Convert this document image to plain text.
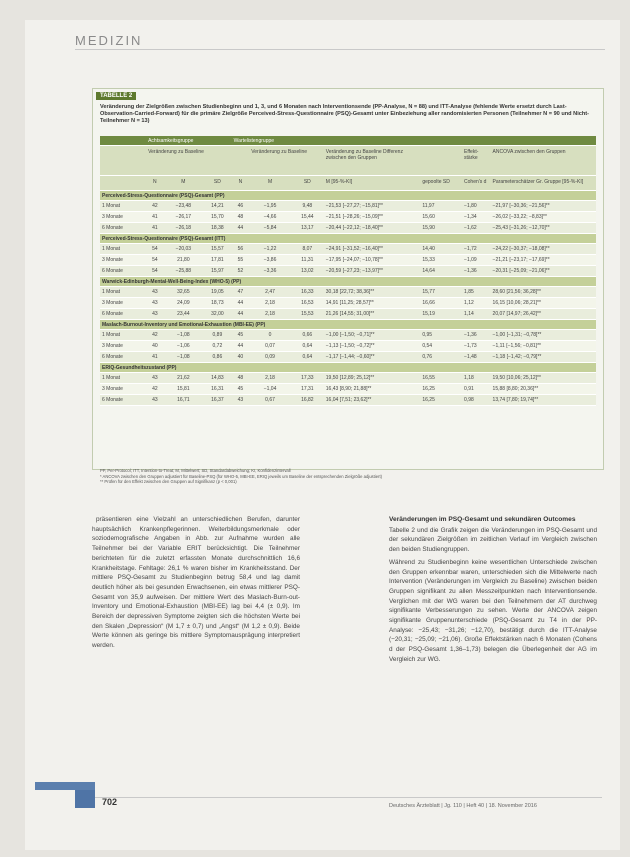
MEDIZIN
TABELLE 2
Veränderung der Zielgrößen zwischen Studienbeginn und 1, 3, und 6 Monaten nach Interventionsende (PP-Analyse, N = 88) und ITT-Analyse (fehlende Werte ersetzt durch Last-Observation-Carried-Forward) für die primäre Zielgröße Perceived-Stress-Questionnaire (PSQ)-Gesamt unter Einbeziehung aller randomisierten Personen (Teilnehmer N = 90 und Nicht-Teilnehmer N = 13)
	Achtsamkeitsgruppe			Wartelistengruppe						
	Veränderung zu Baseline				Veränderung zu Baseline		Veränderung zu Baseline Differenz zwischen den Gruppen		Effekt-stärke	ANCOVA zwischen den Gruppen
	N	M	SD	N	M	SD	M [95-%-KI]	gepoolte SD	Cohen's d	Parameterschätzer Gr. Gruppe [95-%-KI]
Perceived-Stress-Questionnaire (PSQ)-Gesamt (PP)										
1 Monat	42	−23,48	14,21	46	−1,95	9,48	−21,53 [−27,27; −15,81]**	11,97	−1,80	−21,97 [−30,36; −21,56]**
3 Monate	41	−26,17	15,70	48	−4,66	15,44	−21,51 [−28,26; −15,09]**	15,60	−1,34	−26,02 [−33,22; −8,83]**
6 Monate	41	−26,18	18,38	44	−5,84	13,17	−20,44 [−22,12; −18,40]**	15,90	−1,62	−25,43 [−31,26; −12,70]**
Perceived-Stress-Questionnaire (PSQ)-Gesamt (ITT)										
1 Monat	54	−20,03	15,57	56	−1,22	8,07	−24,91 [−31,52; −16,40]**	14,40	−1,72	−24,22 [−30,37; −18,08]**
3 Monate	54	21,80	17,81	55	−3,86	11,31	−17,95 [−24,07; −10,78]**	15,33	−1,09	−21,21 [−23,17; −17,69]**
6 Monate	54	−25,88	15,97	52	−3,36	13,02	−20,59 [−27,23; −13,97]**	14,64	−1,36	−20,31 [−25,09; −21,06]**
Warwick-Edinburgh-Mental-Well-Being-Index (WHO-5) (PP)										
1 Monat	43	32,65	19,05	47	2,47	16,33	30,18 [22,72; 38,36]**	15,77	1,85	28,60 [21,56; 36,28]**
3 Monate	43	24,09	18,73	44	2,18	16,53	14,91 [11,25; 28,57]**	16,66	1,12	16,15 [10,06; 28,21]**
6 Monate	43	23,44	32,00	44	2,18	15,53	21,26 [14,55; 31,00]**	15,19	1,14	20,07 [14,97; 26,42]**
Maslach-Burnout-Inventory und Emotional-Exhaustion (MBI-EE) (PP)										
1 Monat	42	−1,08	0,89	45	0	0,66	−1,00 [−1,50; −0,71]**	0,95	−1,36	−1,00 [−1,31; −0,78]**
3 Monate	40	−1,06	0,72	44	0,07	0,64	−1,13 [−1,50; −0,72]**	0,54	−1,73	−1,11 [−1,56; −0,81]**
6 Monate	41	−1,08	0,86	40	0,09	0,64	−1,17 [−1,44; −0,60]**	0,76	−1,48	−1,18 [−1,42; −0,79]**
ERIQ-Gesundheitszustand (PP)										
1 Monat	43	21,62	14,83	48	2,18	17,33	19,50 [12,89; 25,12]**	16,55	1,18	19,50 [10,06; 25,12]**
3 Monate	42	15,81	16,31	45	−1,04	17,31	16,43 [8,90; 21,88]**	16,25	0,91	15,88 [8,80; 20,36]**
6 Monate	43	16,71	16,37	43	0,67	16,82	16,04 [7,51; 23,62]**	16,25	0,98	13,74 [7,80; 19,74]**
PP, Per-Protocol; ITT, Intention-to-Treat; M, Mittelwert; SD, Standardabweichung; KI, Konfidenzintervall
* ANCOVA zwischen den Gruppen adjustiert für Baseline-PSQ (für WHO-5, MBI-EE, ERIQ jeweils um Baseline der entsprechenden Zielgröße adjustiert)
** Prüfen für den Effekt zwischen den Gruppen auf Signifikanz (p < 0,001)
präsentieren eine Vielzahl an unterschiedlichen Berufen, darunter hauptsächlich Krankenpflegerinnen. Weiterbildungsmerkmale oder soziodemografische Angaben in Abb. zur Aufnahme wurden alle Teilnehmer bei der Variable ERIT berücksichtigt. Die Teilnehmer berichteten für die zuletzt erfassten Monate durchschnittlich 16,6 Krankheitstage. Fehltage: 26,1 % waren bisher im Krankheitsstand. Der mittlere PSQ-Gesamt zu Studienbeginn betrug 58,4 und lag damit deutlich höher als bei gesunden Erwachsenen, ein etwas mittlerer PSQ-Gesamt von 35,9 aufweisen. Der mittlere Wert des Maslach-Burn-out-Inventory und Emotional-Exhaustion (MBI-EE) lag bei 4,4 (± 0,9). Im Bereich der depressiven Symptome zeigten sich die höchsten Werte bei den Skalen „Depression“ (M 1,7 ± 0,7) und „Angst“ (M 1,2 ± 0,9). Beide Werte können als geringe bis mittlere Symptomausprägung interpretiert werden.
Veränderungen im PSQ-Gesamt und sekundären Outcomes

Tabelle 2 und die Grafik zeigen die Veränderungen im PSQ-Gesamt und der sekundären Zielgrößen im zeitlichen Verlauf im Vergleich zwischen den beiden Studiengruppen.

Während zu Studienbeginn keine wesentlichen Unterschiede zwischen den Gruppen erkennbar waren, unterschieden sich die Mittelwerte nach Intervention (Veränderungen im Vergleich zu Baseline) zwischen beiden Gruppen signifikant zu allen Messzeitpunkten nach Interventionsende. Verglichen mit der WG waren bei den Teilnehmern der AT durchweg signifikante Verbesserungen zu sehen. Werte der ANCOVA zeigen signifikante Gruppenunterschiede (PSQ-Gesamt zu T4 in der PP-Analyse: −25,43; −31,26; −12,70), bestätigt durch die ITT-Analyse (−20,31; −25,09; −21,06). Große Effektstärken nach 6 Monaten (Cohens d der PSQ-Gesamt 1,36–1,73) belegen die Überlegenheit der AG im Vergleich zur WG.

702	Deutsches Ärzteblatt | Jg. 110 | Heft 40 | 18. November 2016
